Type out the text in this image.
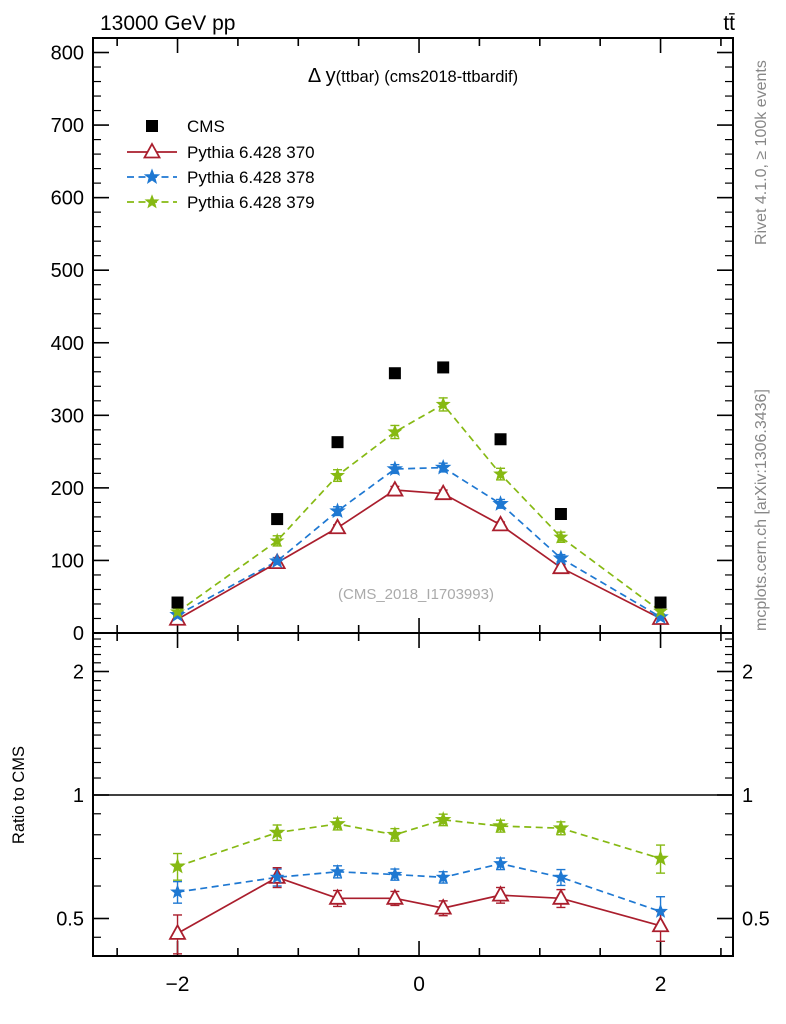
−2	0	2
0
100
200
300
400
500
600
700
800
0.5	0.5
1	1
2	2
13000 GeV pp	tt̄
Δ y(ttbar) (cms2018-ttbardif)
CMS
Pythia 6.428 370
Pythia 6.428 378
Pythia 6.428 379
(CMS_2018_I1703993)
Rivet 4.1.0, ≥ 100k events
mcplots.cern.ch [arXiv:1306.3436]
Ratio to CMS
